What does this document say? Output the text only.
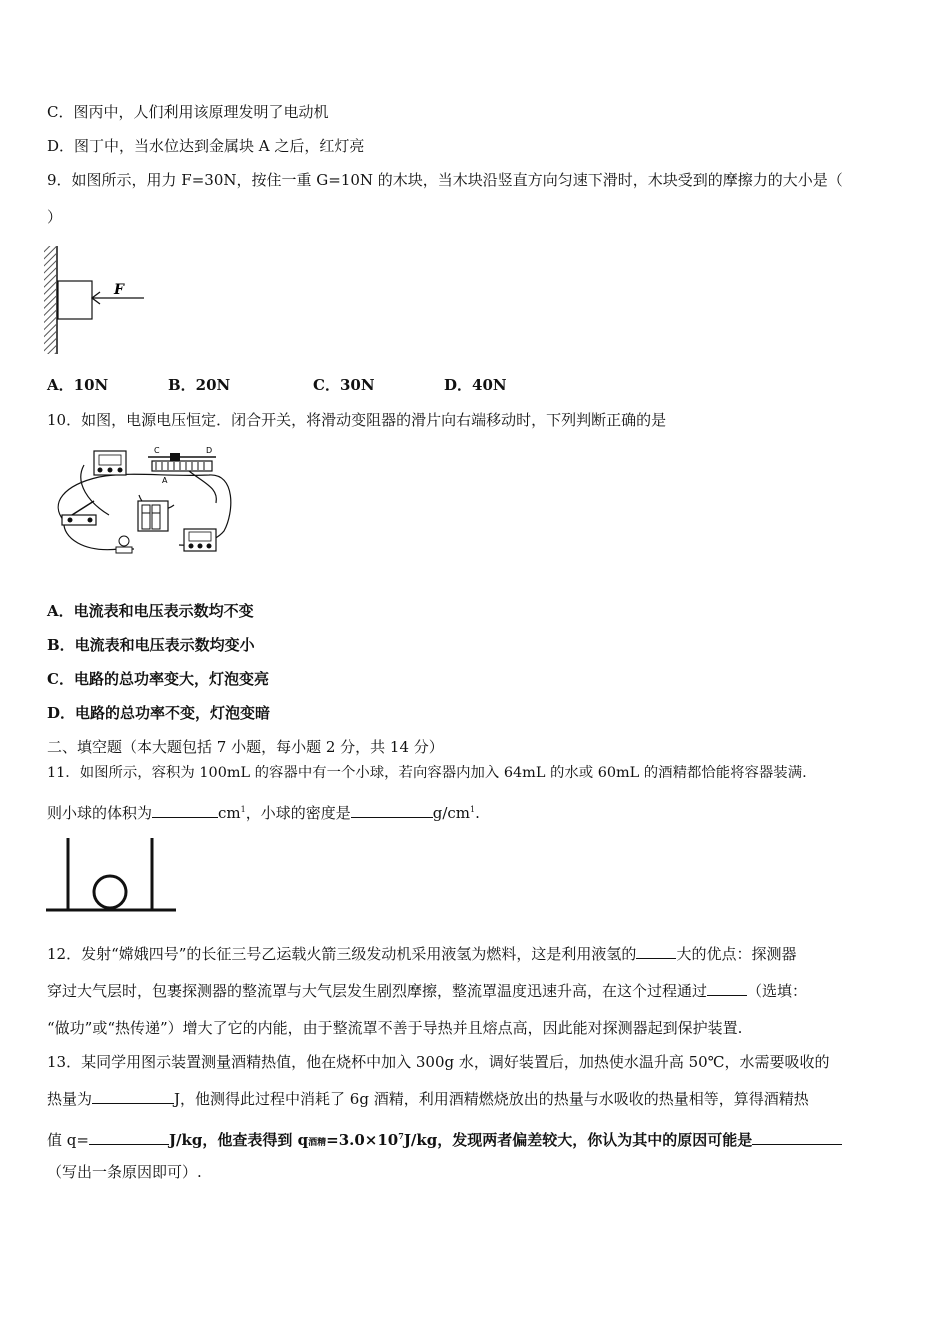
C．图丙中，人们利用该原理发明了电动机
D．图丁中，当水位达到金属块 A 之后，红灯亮
9．如图所示，用力 F=30N，按住一重 G=10N 的木块，当木块沿竖直方向匀速下滑时，木块受到的摩擦力的大小是（
）
F
A．10N	B．20N	C．30N	D．40N
10．如图，电源电压恒定．闭合开关，将滑动变阻器的滑片向右端移动时，下列判断正确的是
C	D
A
A．电流表和电压表示数均不变
B．电流表和电压表示数均变小
C．电路的总功率变大，灯泡变亮
D．电路的总功率不变，灯泡变暗
二、填空题（本大题包括 7 小题，每小题 2 分，共 14 分）
11．如图所示，容积为 100mL 的容器中有一个小球，若向容器内加入 64mL 的水或 60mL 的酒精都恰能将容器装满.
则小球的体积为	$cm^1$，小球的密度是	$g/cm^1$.
12．发射“嫦娥四号”的长征三号乙运载火箭三级发动机采用液氢为燃料，这是利用液氢的	大的优点：探测器
穿过大气层时，包裹探测器的整流罩与大气层发生剧烈摩擦，整流罩温度迅速升高，在这个过程通过	（选填：
“做功”或“热传递”）增大了它的内能，由于整流罩不善于导热并且熔点高，因此能对探测器起到保护装置.
13．某同学用图示装置测量酒精热值，他在烧杯中加入 300g 水，调好装置后，加热使水温升高 50℃，水需要吸收的
热量为	J，他测得此过程中消耗了 6g 酒精，利用酒精燃烧放出的热量与水吸收的热量相等，算得酒精热
值 q=	J/kg，他查表得到 q酒精$=3.0\times 10^7J/kg$，发现两者偏差较大，你认为其中的原因可能是
（写出一条原因即可）.
